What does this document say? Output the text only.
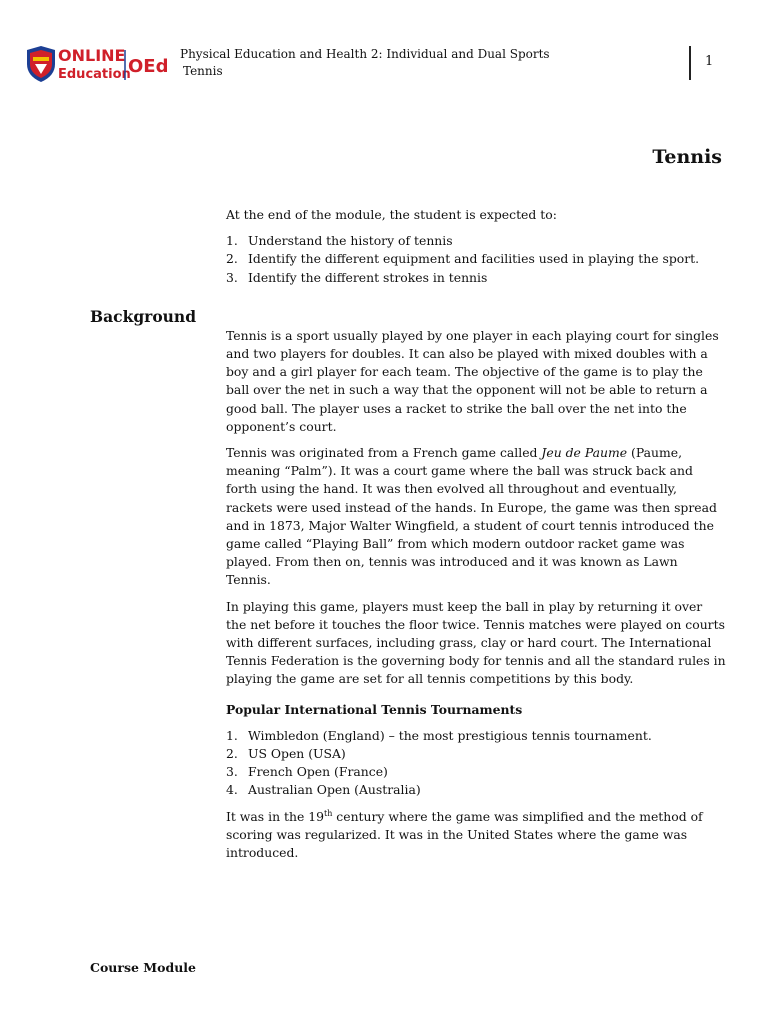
ONLINE
Education
OEd
Physical Education and Health 2: Individual and Dual Sports
Tennis
1
Tennis
Background

At the end of the module, the student is expected to:

1. Understand the history of tennis
2. Identify the different equipment and facilities used in playing the sport.
3. Identify the different strokes in tennis

Tennis is a sport usually played by one player in each playing court for singles and two players for doubles. It can also be played with mixed doubles with a boy and a girl player for each team. The objective of the game is to play the ball over the net in such a way that the opponent will not be able to return a good ball. The player uses a racket to strike the ball over the net into the opponent’s court.

Tennis was originated from a French game called Jeu de Paume (Paume, meaning “Palm”). It was a court game where the ball was struck back and forth using the hand. It was then evolved all throughout and eventually, rackets were used instead of the hands. In Europe, the game was then spread and in 1873, Major Walter Wingfield, a student of court tennis introduced the game called “Playing Ball” from which modern outdoor racket game was played. From then on, tennis was introduced and it was known as Lawn Tennis.

In playing this game, players must keep the ball in play by returning it over the net before it touches the floor twice. Tennis matches were played on courts with different surfaces, including grass, clay or hard court. The International Tennis Federation is the governing body for tennis and all the standard rules in playing the game are set for all tennis competitions by this body.

Popular International Tennis Tournaments

1. Wimbledon (England) – the most prestigious tennis tournament.
2. US Open (USA)
3. French Open (France)
4. Australian Open (Australia)

It was in the 19th century where the game was simplified and the method of scoring was regularized. It was in the United States where the game was introduced.

Course Module
